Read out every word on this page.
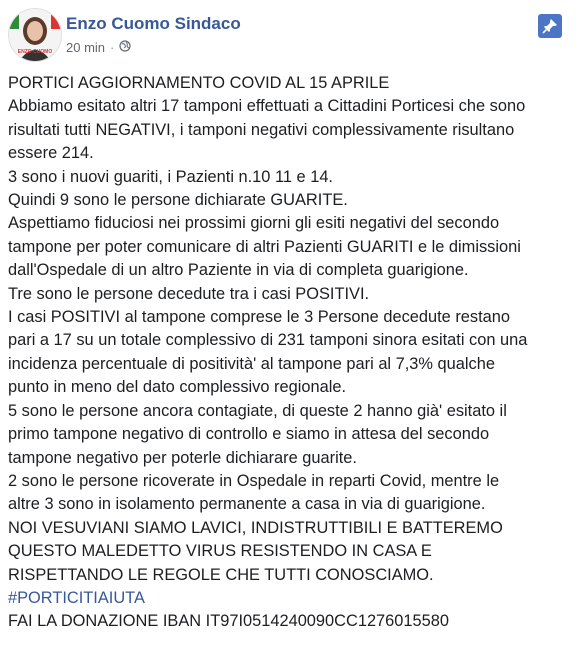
ENZO CUOMO
Enzo Cuomo Sindaco
20 min ·
PORTICI AGGIORNAMENTO COVID AL 15 APRILE
Abbiamo esitato altri 17 tamponi effettuati a Cittadini Porticesi che sono
risultati tutti NEGATIVI, i tamponi negativi complessivamente risultano
essere 214.
3 sono i nuovi guariti, i Pazienti n.10 11 e 14.
Quindi 9 sono le persone dichiarate GUARITE.
Aspettiamo fiduciosi nei prossimi giorni gli esiti negativi del secondo
tampone per poter comunicare di altri Pazienti GUARITI e le dimissioni
dall'Ospedale di un altro Paziente in via di completa guarigione.
Tre sono le persone decedute tra i casi POSITIVI.
I casi POSITIVI al tampone comprese le 3 Persone decedute restano
pari a 17 su un totale complessivo di 231 tamponi sinora esitati con una
incidenza percentuale di positività' al tampone pari al 7,3% qualche
punto in meno del dato complessivo regionale.
5 sono le persone ancora contagiate, di queste 2 hanno già' esitato il
primo tampone negativo di controllo e siamo in attesa del secondo
tampone negativo per poterle dichiarare guarite.
2 sono le persone ricoverate in Ospedale in reparti Covid, mentre le
altre 3 sono in isolamento permanente a casa in via di guarigione.
NOI VESUVIANI SIAMO LAVICI, INDISTRUTTIBILI E BATTEREMO
QUESTO MALEDETTO VIRUS RESISTENDO IN CASA E
RISPETTANDO LE REGOLE CHE TUTTI CONOSCIAMO.
#PORTICITIAIUTA
FAI LA DONAZIONE IBAN IT97I0514240090CC1276015580
